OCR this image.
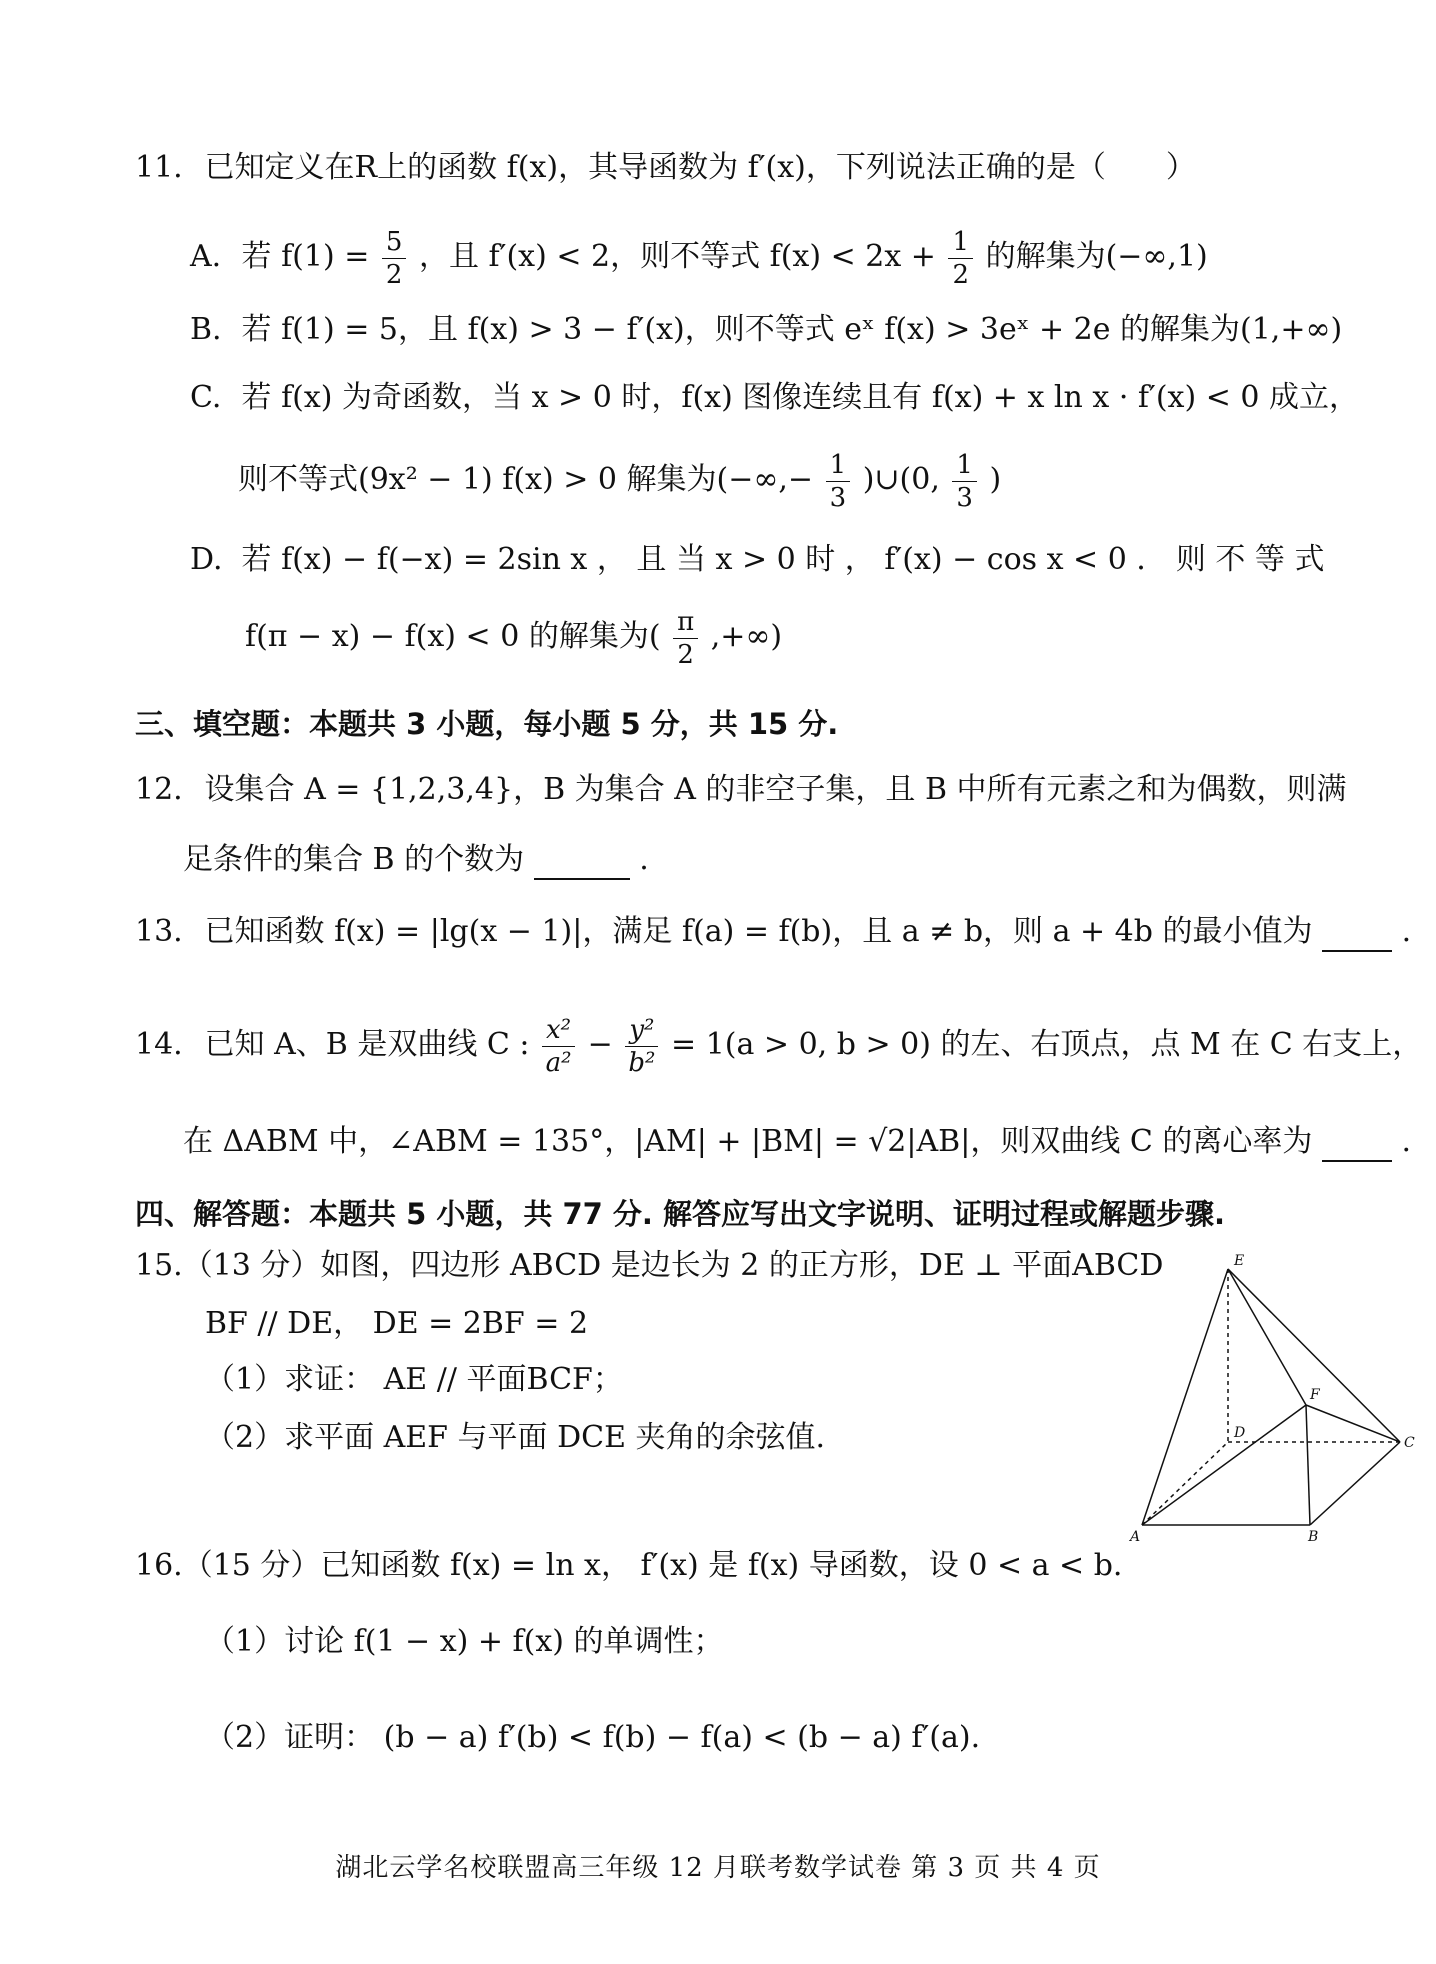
11. 已知定义在R上的函数 f(x)，其导函数为 f′(x)，下列说法正确的是（　　）
A. 若 $f(1) = \frac{5}{2}$ ，且 f′(x) < 2，则不等式 $f(x) < 2x + \frac{1}{2}$ 的解集为(−∞,1)
B. 若 f(1) = 5，且 f(x) > 3 − f′(x)，则不等式 eˣ f(x) > 3eˣ + 2e 的解集为(1,+∞)
C. 若 f(x) 为奇函数，当 x > 0 时，f(x) 图像连续且有 f(x) + x ln x · f′(x) < 0 成立，
则不等式(9x² − 1) f(x) > 0 解集为(−∞,− $\frac{1}{3}$ )∪(0, $\frac{1}{3}$ )
D. 若 f(x) − f(−x) = 2sin x ， 且 当 x > 0 时 ， f′(x) − cos x < 0 ． 则 不 等 式
f(π − x) − f(x) < 0 的解集为( $\frac{\pi}{2}$ ,+∞)
三、填空题：本题共 3 小题，每小题 5 分，共 15 分.
12. 设集合 A = {1,2,3,4}，B 为集合 A 的非空子集，且 B 中所有元素之和为偶数，则满
足条件的集合 B 的个数为	.
13. 已知函数 f(x) = |lg(x − 1)|，满足 f(a) = f(b)，且 a ≠ b，则 a + 4b 的最小值为	.
14. 已知 A、B 是双曲线 C : $\frac{\text{x²}}{\text{a²}} - \frac{\text{y²}}{\text{b²}} = 1(a > 0$, b > 0) 的左、右顶点，点 M 在 C 右支上，
在 ΔABM 中，∠ABM = 135°，|AM| + |BM| = √2|AB|，则双曲线 C 的离心率为	.
四、解答题：本题共 5 小题，共 77 分. 解答应写出文字说明、证明过程或解题步骤.
15.（13 分）如图，四边形 ABCD 是边长为 2 的正方形，DE ⊥ 平面ABCD
BF // DE， DE = 2BF = 2
（1）求证： AE // 平面BCF；
（2）求平面 AEF 与平面 DCE 夹角的余弦值.
E
F
D
C
A	B
16.（15 分）已知函数 f(x) = ln x， f′(x) 是 f(x) 导函数，设 0 < a < b.
（1）讨论 f(1 − x) + f(x) 的单调性；
（2）证明： (b − a) f′(b) < f(b) − f(a) < (b − a) f′(a).
湖北云学名校联盟高三年级 12 月联考数学试卷 第 3 页 共 4 页
